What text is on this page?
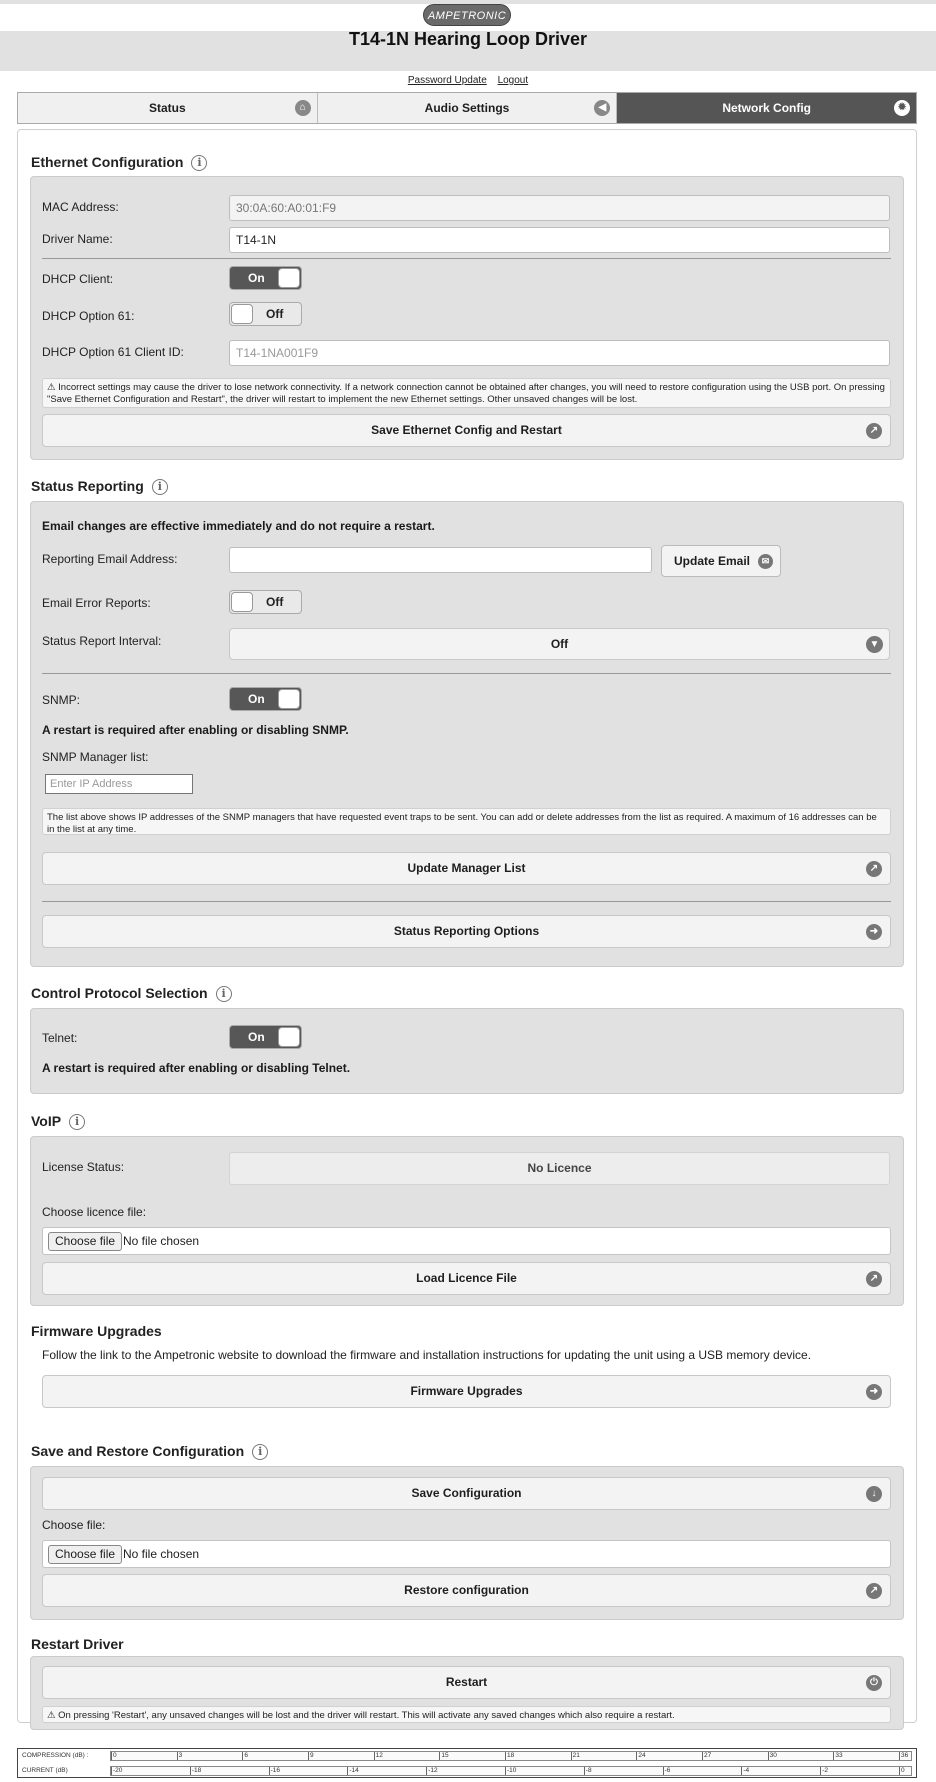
AMPETRONIC
T14-1N Hearing Loop Driver
Password Update Logout
Status	⌂	Audio Settings	◀	Network Config	✹
Ethernet Configuration i
MAC Address:	30:0A:60:A0:01:F9
Driver Name:	T14-1N
DHCP Client:	On
DHCP Option 61:	Off
DHCP Option 61 Client ID:	T14-1NA001F9
⚠ Incorrect settings may cause the driver to lose network connectivity. If a network connection cannot be obtained after changes, you will need to restore configuration using the USB port. On pressing "Save Ethernet Configuration and Restart", the driver will restart to implement the new Ethernet settings. Other unsaved changes will be lost.
Save Ethernet Config and Restart	↗
Status Reporting i
Email changes are effective immediately and do not require a restart.
Reporting Email Address:	Update Email	✉
Email Error Reports:	Off
Status Report Interval:	Off	▼
SNMP:	On
A restart is required after enabling or disabling SNMP.
SNMP Manager list:
Enter IP Address
The list above shows IP addresses of the SNMP managers that have requested event traps to be sent. You can add or delete addresses from the list as required. A maximum of 16 addresses can be in the list at any time.
Update Manager List	↗
Status Reporting Options	➜
Control Protocol Selection i
Telnet:	On
A restart is required after enabling or disabling Telnet.
VoIP i
License Status:	No Licence
Choose licence file:
Choose file No file chosen
Load Licence File	↗
Firmware Upgrades
Follow the link to the Ampetronic website to download the firmware and installation instructions for updating the unit using a USB memory device.
Firmware Upgrades	➜
Save and Restore Configuration i
Save Configuration	↓
Choose file:
Choose file No file chosen
Restore configuration	↗
Restart Driver
Restart	⏻
⚠ On pressing 'Restart', any unsaved changes will be lost and the driver will restart. This will activate any saved changes which also require a restart.
COMPRESSION (dB) :	0	3	6	9	12	15	18	21	24	27	30	33	36
CURRENT (dB)	-20	-18	-16	-14	-12	-10	-8	-6	-4	-2	0
